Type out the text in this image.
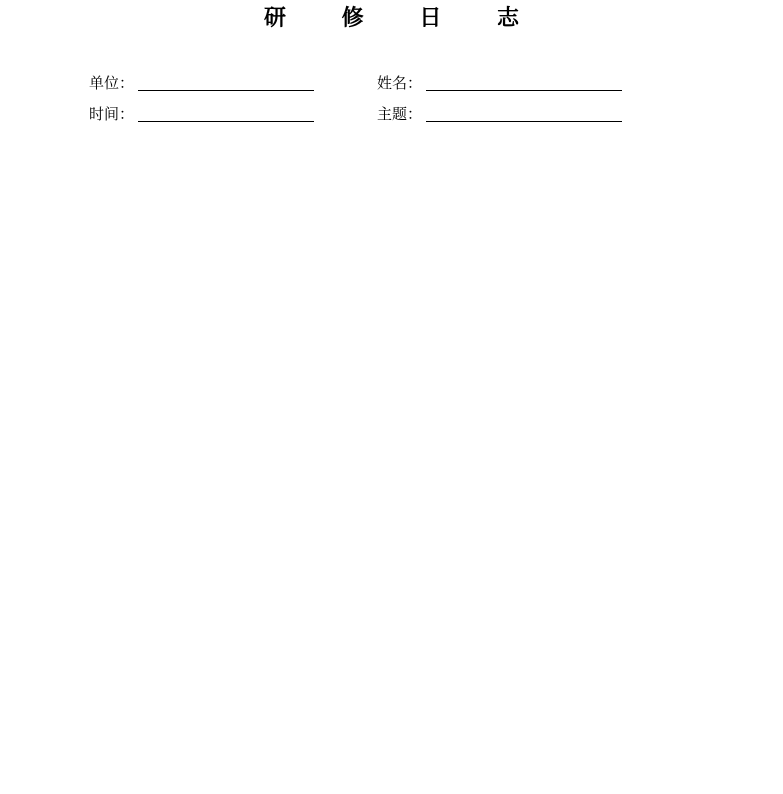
研 修 日 志
单位：	姓名：
时间：	主题：
